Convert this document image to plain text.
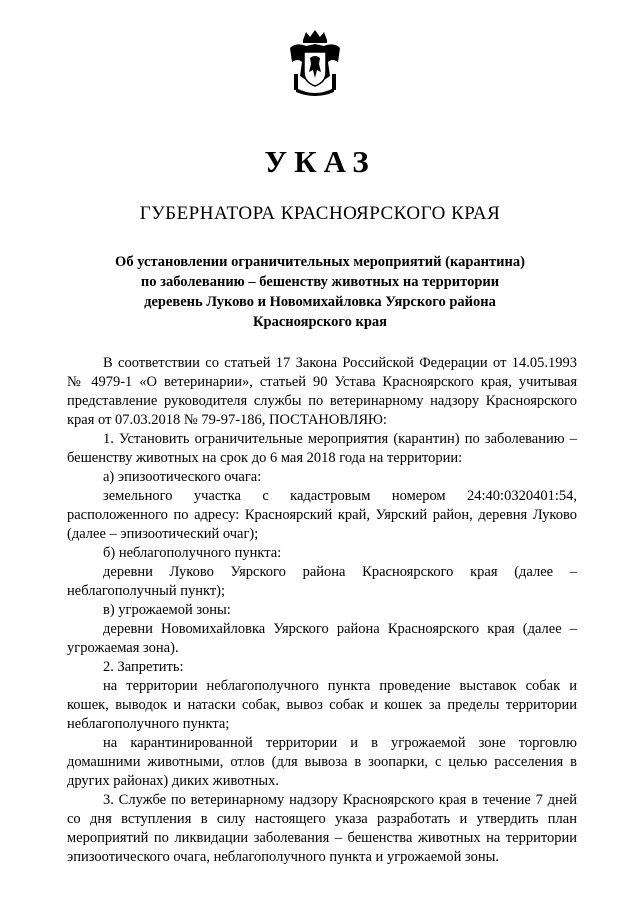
УКАЗ
ГУБЕРНАТОРА КРАСНОЯРСКОГО КРАЯ
Об установлении ограничительных мероприятий (карантина)
по заболеванию – бешенству животных на территории
деревень Луково и Новомихайловка Уярского района
Красноярского края

В соответствии со статьей 17 Закона Российской Федерации от 14.05.1993 № 4979-1 «О ветеринарии», статьей 90 Устава Красноярского края, учитывая представление руководителя службы по ветеринарному надзору Красноярского края от 07.03.2018 № 79-97-186, ПОСТАНОВЛЯЮ:

1. Установить ограничительные мероприятия (карантин) по заболеванию – бешенству животных на срок до 6 мая 2018 года на территории:

а) эпизоотического очага:

земельного участка с кадастровым номером 24:40:0320401:54, расположенного по адресу: Красноярский край, Уярский район, деревня Луково (далее – эпизоотический очаг);

б) неблагополучного пункта:

деревни Луково Уярского района Красноярского края (далее – неблагополучный пункт);

в) угрожаемой зоны:

деревни Новомихайловка Уярского района Красноярского края (далее – угрожаемая зона).

2. Запретить:

на территории неблагополучного пункта проведение выставок собак и кошек, выводок и натаски собак, вывоз собак и кошек за пределы территории неблагополучного пункта;

на карантинированной территории и в угрожаемой зоне торговлю домашними животными, отлов (для вывоза в зоопарки, с целью расселения в других районах) диких животных.

3. Службе по ветеринарному надзору Красноярского края в течение 7 дней со дня вступления в силу настоящего указа разработать и утвердить план мероприятий по ликвидации заболевания – бешенства животных на территории эпизоотического очага, неблагополучного пункта и угрожаемой зоны.
